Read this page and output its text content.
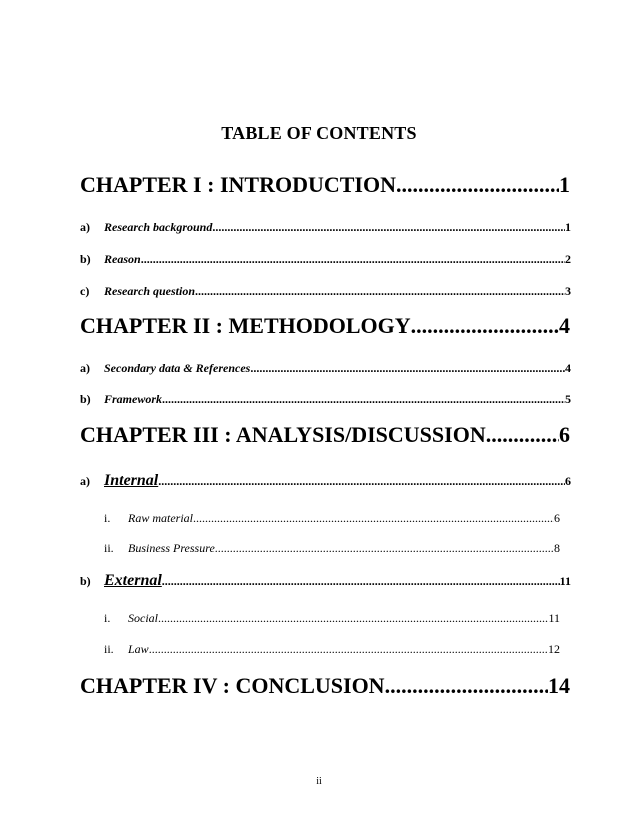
TABLE OF CONTENTS
CHAPTER I : INTRODUCTION .....	1
a)	Research background .....	1
b)	Reason .....	2
c)	Research question .....	3
CHAPTER II : METHODOLOGY .....	4
a)	Secondary data & References .....	4
b)	Framework .....	5
CHAPTER III : ANALYSIS/DISCUSSION .....	6
a) Internal .....	6
i.	Raw material .....	6
ii.	Business Pressure .....	8
b) External .....	11
i.	Social .....	11
ii.	Law .....	12
CHAPTER IV : CONCLUSION .....	14
ii
